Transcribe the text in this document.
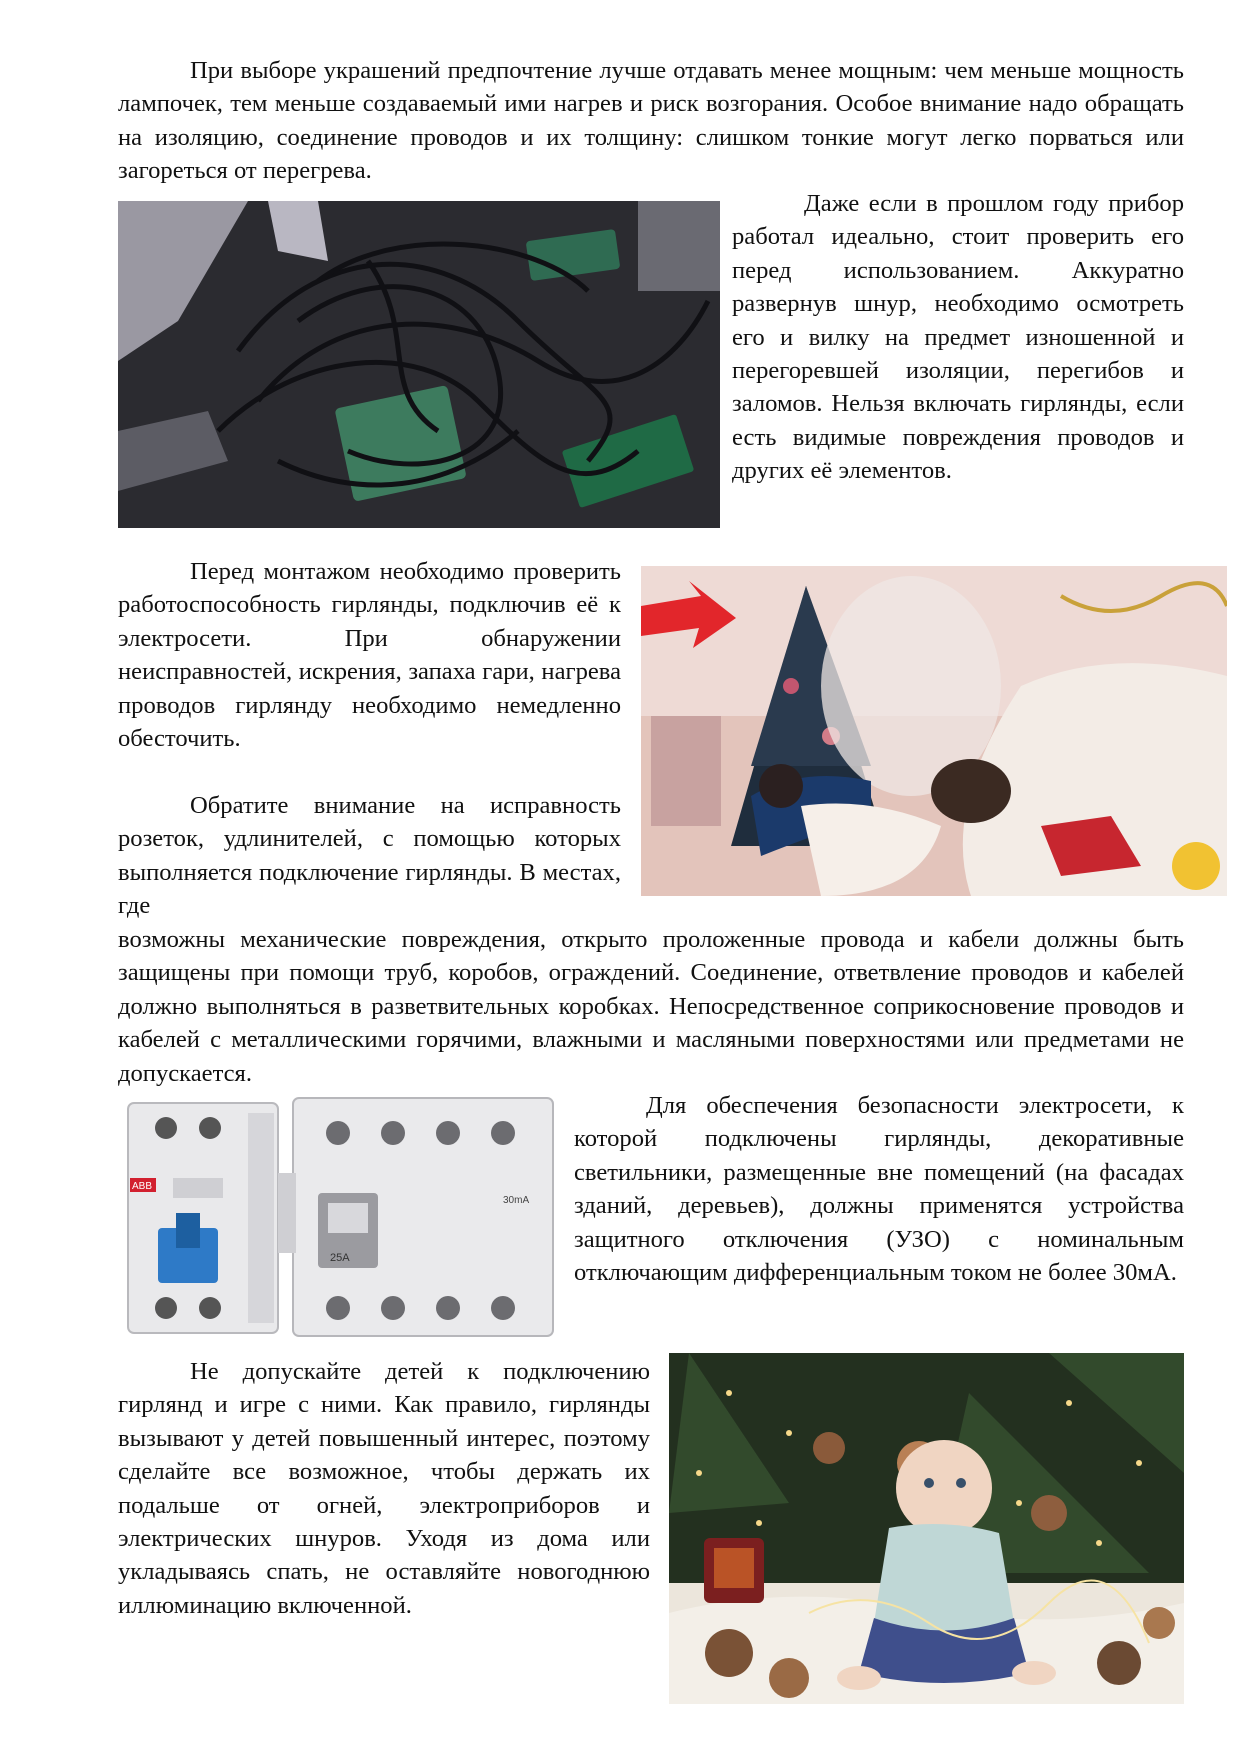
При выборе украшений предпочтение лучше отдавать менее мощным: чем меньше мощность лампочек, тем меньше создаваемый ими нагрев и риск возгорания. Особое внимание надо обращать на изоляцию, соединение проводов и их толщину: слишком тонкие могут легко порваться или загореться от перегрева.

Даже если в прошлом году прибор работал идеально, стоит проверить его перед использованием. Аккуратно развернув шнур, необходимо осмотреть его и вилку на предмет изношенной и перегоревшей изоляции, перегибов и заломов. Нельзя включать гирлянды, если есть видимые повреждения проводов и других её элементов.

Перед монтажом необходимо проверить работоспособность гирлянды, подключив её к электросети. При обнаружении неисправностей, искрения, запаха гари, нагрева проводов гирлянду необходимо немедленно обесточить.

Обратите внимание на исправность розеток, удлинителей, с помощью которых выполняется подключение гирлянды. В местах, где

возможны механические повреждения, открыто проложенные провода и кабели должны быть защищены при помощи труб, коробов, ограждений. Соединение, ответвление проводов и кабелей должно выполняться в разветвительных коробках. Непосредственное соприкосновение проводов и кабелей с металлическими горячими, влажными и масляными поверхностями или предметами не допускается.

ABB
25A
30mA

Для обеспечения безопасности электросети, к которой подключены гирлянды, декоративные светильники, размещенные вне помещений (на фасадах зданий, деревьев), должны применятся устройства защитного отключения (УЗО) с номинальным отключающим дифференциальным током не более 30мА.

Не допускайте детей к подключению гирлянд и игре с ними. Как правило, гирлянды вызывают у детей повышенный интерес, поэтому сделайте все возможное, чтобы держать их подальше от огней, электроприборов и электрических шнуров. Уходя из дома или укладываясь спать, не оставляйте новогоднюю иллюминацию включенной.
